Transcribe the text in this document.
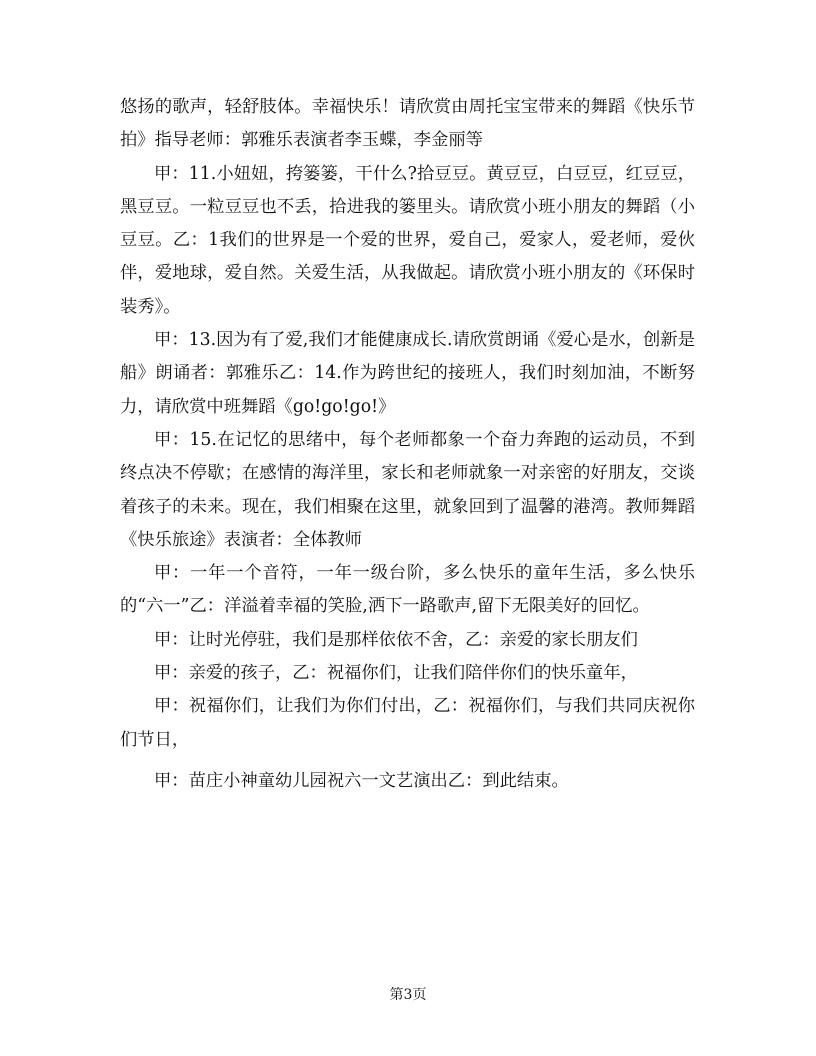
悠扬的歌声，轻舒肢体。幸福快乐！请欣赏由周托宝宝带来的舞蹈《快乐节拍》指导老师：郭雅乐表演者李玉蝶，李金丽等

甲：11.小妞妞，挎篓篓，干什么?拾豆豆。黄豆豆，白豆豆，红豆豆，黑豆豆。一粒豆豆也不丢，拾进我的篓里头。请欣赏小班小朋友的舞蹈（小豆豆。乙：1我们的世界是一个爱的世界，爱自己，爱家人，爱老师，爱伙伴，爱地球，爱自然。关爱生活，从我做起。请欣赏小班小朋友的《环保时装秀》。

甲：13.因为有了爱,我们才能健康成长.请欣赏朗诵《爱心是水，创新是船》朗诵者：郭雅乐乙：14.作为跨世纪的接班人，我们时刻加油，不断努力，请欣赏中班舞蹈《go!go!go!》

甲：15.在记忆的思绪中，每个老师都象一个奋力奔跑的运动员，不到终点决不停歇；在感情的海洋里，家长和老师就象一对亲密的好朋友，交谈着孩子的未来。现在，我们相聚在这里，就象回到了温馨的港湾。教师舞蹈《快乐旅途》表演者：全体教师

甲：一年一个音符，一年一级台阶，多么快乐的童年生活，多么快乐的“六一”乙：洋溢着幸福的笑脸,洒下一路歌声,留下无限美好的回忆。

甲：让时光停驻，我们是那样依依不舍，乙：亲爱的家长朋友们

甲：亲爱的孩子，乙：祝福你们，让我们陪伴你们的快乐童年，

甲：祝福你们，让我们为你们付出，乙：祝福你们，与我们共同庆祝你们节日，

甲：苗庄小神童幼儿园祝六一文艺演出乙：到此结束。

第3页
